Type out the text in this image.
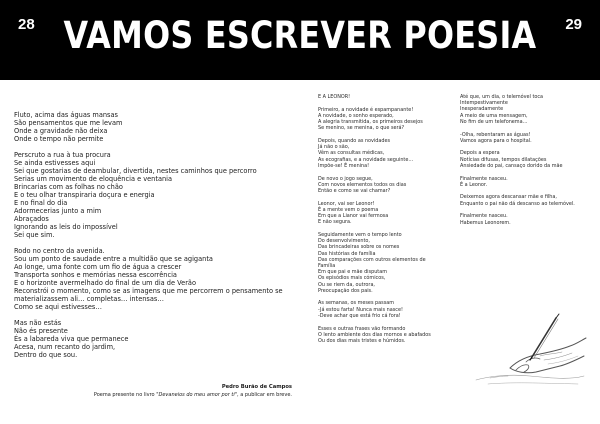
28 VAMOS ESCREVER POESIA	29
Fluto, acima das águas mansas
São pensamentos que me levam
Onde a gravidade não deixa
Onde o tempo não permite
Perscruto a rua à tua procura
Se ainda estivesses aqui
Sei que gostarias de deambular, divertida, nestes caminhos que percorro
Serias um movimento de eloquência e ventania
Brincarias com as folhas no chão
E o teu olhar transpiraria doçura e energia
E no final do dia
Adormecerias junto a mim
Abraçados
Ignorando as leis do impossível
Sei que sim.
Rodo no centro da avenida.
Sou um ponto de saudade entre a multidão que se agiganta
Ao longe, uma fonte com um fio de água a crescer
Transporta sonhos e memórias nessa escorrência
E o horizonte avermelhado do final de um dia de Verão
Reconstrói o momento, como se as imagens que me percorrem o pensamento se
materializassem ali… completas… intensas…
Como se aqui estivesses…
Mas não estás
Não és presente
És a labareda viva que permanece
Acesa, num recanto do jardim,
Dentro do que sou.
E A LEONOR!
Primeiro, a novidade é espampanante!
A novidade, o sonho esperado,
A alegria transmitida, os primeiros desejos
Se menino, se menina, o que será?
Depois, quando as novidades
Já não o são,
Vêm as consultas médicas,
As ecografias, e a novidade seguinte…
Impõe-se! É menina!
De novo o jogo segue,
Com novos elementos todos os dias
Então e como se vai chamar?
Leonor, vai ser Leonor!
É a mente vem o poema
Em que a Lianor vai fermosa
E não segura.
Seguidamente vem o tempo lento
Do desenvolvimento,
Das brincadeiras sobre os nomes
Das histórias de família
Das comparações com outros elementos de
Família
Em que pai e mãe disputam
Os episódios mais cómicos,
Ou se riem da, outrora,
Preocupação dos pais.
As semanas, os meses passam
-Já estou farta! Nunca mais nasce!
-Deve achar que está frio cá fora!
Esses e outras frases vão formando
O lento ambiente dos dias mornos e abafados
Ou dos dias mais tristes e húmidos.
Até que, um dia, o telemóvel toca
Intempestivamente
Inesperadamente
A meio de uma mensagem,
No fim de um telefonema…
-Olha, rebentaram as águas!
Vamos agora para o hospital.
Depois a espera
Notícias difusas, tempos dilatações
Ansiedade do pai, cansaço dorido da mãe
Finalmente nasceu.
É a Leonor.
Deixemos agora descansar mãe e filha,
Enquanto o pai não dá descanso ao telemóvel.
Finalmente nasceu.
Habemus Leonorem.
Pedro Burão de Campos
Poema presente no livro "Devaneios do meu amor por ti", a publicar em breve.
